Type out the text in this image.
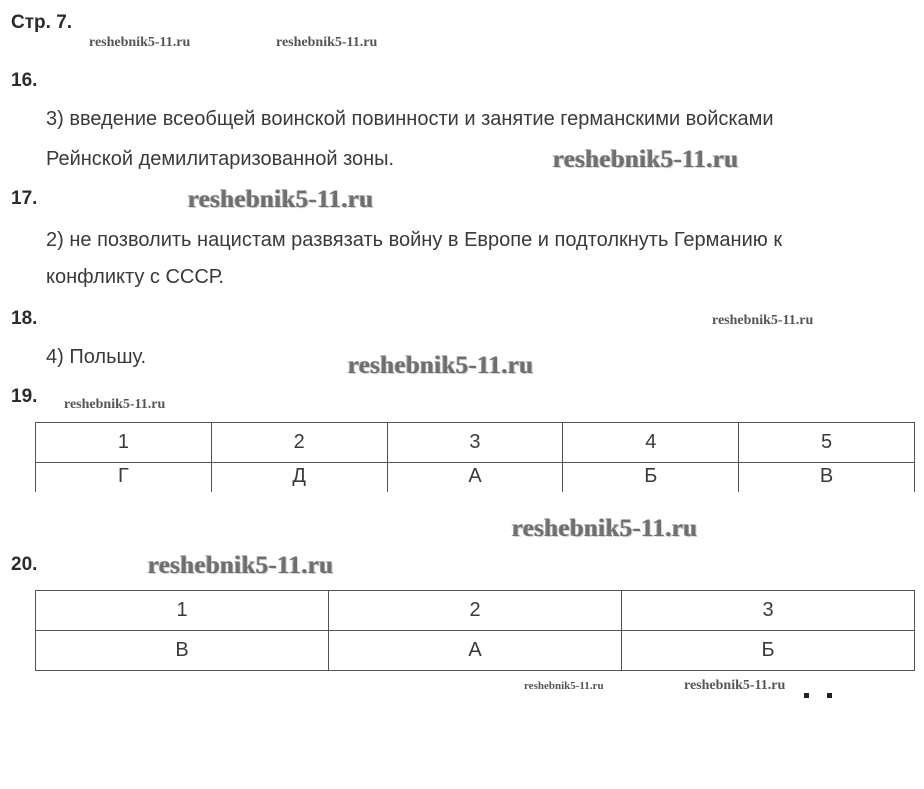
Стр. 7.
reshebnik5-11.ru	reshebnik5-11.ru
16.
3) введение всеобщей воинской повинности и занятие германскими войсками
Рейнской демилитаризованной зоны.	reshebnik5-11.ru
17.	reshebnik5-11.ru
2) не позволить нацистам развязать войну в Европе и подтолкнуть Германию к
конфликту с СССР.
18.	reshebnik5-11.ru
4) Польшу.	reshebnik5-11.ru
19. reshebnik5-11.ru
1	2	3	4	5
Г	Д	А	Б	В
reshebnik5-11.ru
20.	reshebnik5-11.ru
1	2	3
В	А	Б
reshebnik5-11.ru	reshebnik5-11.ru
